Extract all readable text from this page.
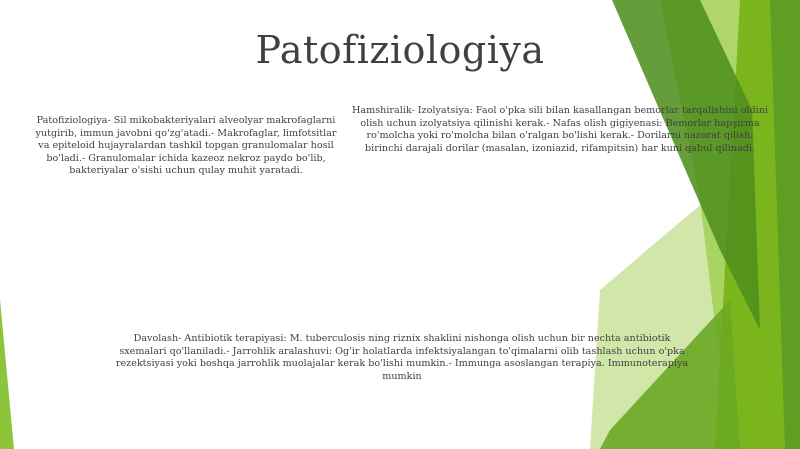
Patofiziologiya
Patofiziologiya- Sil mikobakteriyalari alveolyar makrofaglarni yutgirib, immun javobni qo'zg'atadi.- Makrofaglar, limfotsitlar va epiteloid hujayralardan tashkil topgan granulomalar hosil bo'ladi.- Granulomalar ichida kazeoz nekroz paydo bo'lib, bakteriyalar o'sishi uchun qulay muhit yaratadi.
Hamshiralik- Izolyatsiya: Faol o'pka sili bilan kasallangan bemorlar tarqalishini oldini olish uchun izolyatsiya qilinishi kerak.- Nafas olish gigiyenasi: Bemorlar hapşırma ro'molcha yoki ro'molcha bilan o'ralgan bo'lishi kerak.- Dorilarni nazorat qilish: birinchi darajali dorilar (masalan, izoniazid, rifampitsin) har kuni qabul qilinadi.
Davolash- Antibiotik terapiyasi: M. tuberculosis ning riznix shaklini nishonga olish uchun bir nechta antibiotik sxemalari qo'llaniladi.- Jarrohlik aralashuvi: Og'ir holatlarda infektsiyalangan to'qimalarni olib tashlash uchun o'pka rezektsiyasi yoki boshqa jarrohlik muolajalar kerak bo'lishi mumkin.- Immunga asoslangan terapiya. Immunoterapiya mumkin
